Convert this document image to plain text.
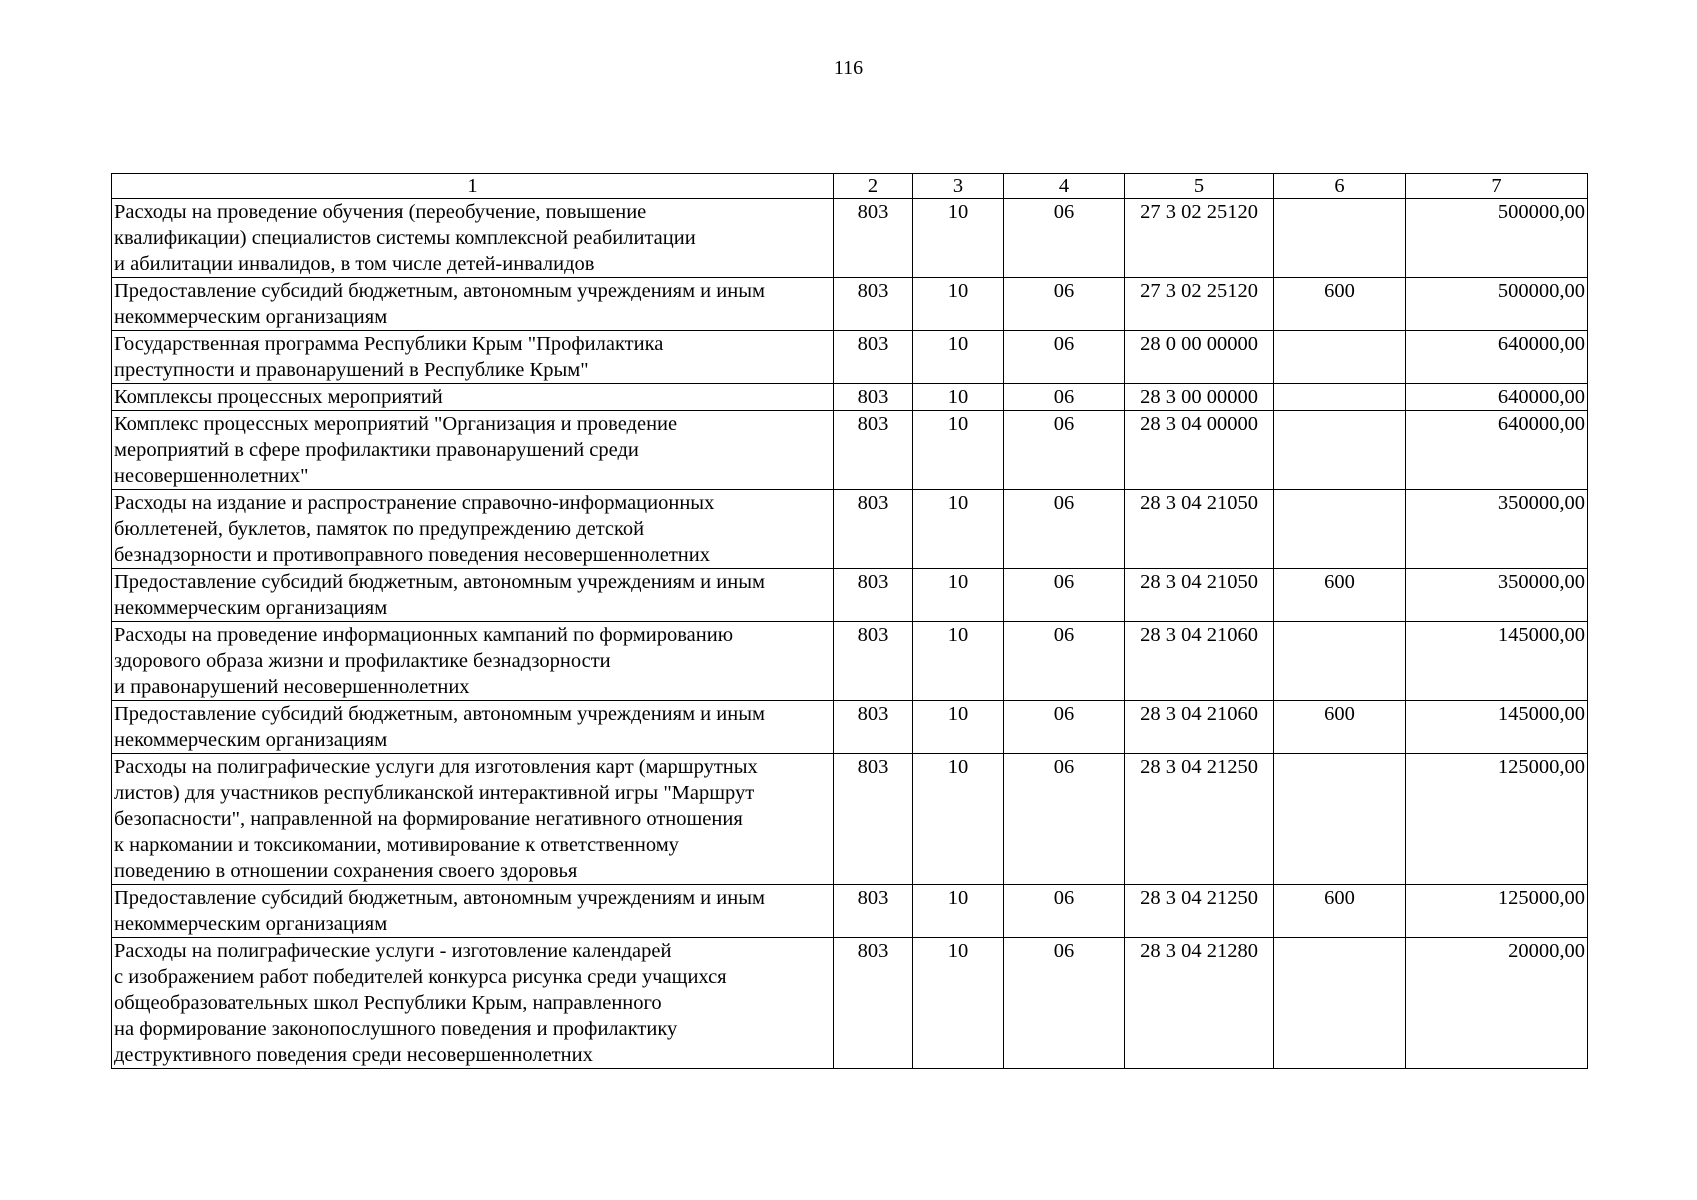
116
1	2	3	4	5	6	7
Расходы на проведение обучения (переобучение, повышение
квалификации) специалистов системы комплексной реабилитации
и абилитации инвалидов, в том числе детей-инвалидов	803	10	06	27 3 02 25120		500000,00
Предоставление субсидий бюджетным, автономным учреждениям и иным
некоммерческим организациям	803	10	06	27 3 02 25120	600	500000,00
Государственная программа Республики Крым "Профилактика
преступности и правонарушений в Республике Крым"	803	10	06	28 0 00 00000		640000,00
Комплексы процессных мероприятий	803	10	06	28 3 00 00000		640000,00
Комплекс процессных мероприятий "Организация и проведение
мероприятий в сфере профилактики правонарушений среди
несовершеннолетних"	803	10	06	28 3 04 00000		640000,00
Расходы на издание и распространение справочно-информационных
бюллетеней, буклетов, памяток по предупреждению детской
безнадзорности и противоправного поведения несовершеннолетних	803	10	06	28 3 04 21050		350000,00
Предоставление субсидий бюджетным, автономным учреждениям и иным
некоммерческим организациям	803	10	06	28 3 04 21050	600	350000,00
Расходы на проведение информационных кампаний по формированию
здорового образа жизни и профилактике безнадзорности
и правонарушений несовершеннолетних	803	10	06	28 3 04 21060		145000,00
Предоставление субсидий бюджетным, автономным учреждениям и иным
некоммерческим организациям	803	10	06	28 3 04 21060	600	145000,00
Расходы на полиграфические услуги для изготовления карт (маршрутных
листов) для участников республиканской интерактивной игры "Маршрут
безопасности", направленной на формирование негативного отношения
к наркомании и токсикомании, мотивирование к ответственному
поведению в отношении сохранения своего здоровья	803	10	06	28 3 04 21250		125000,00
Предоставление субсидий бюджетным, автономным учреждениям и иным
некоммерческим организациям	803	10	06	28 3 04 21250	600	125000,00
Расходы на полиграфические услуги - изготовление календарей
с изображением работ победителей конкурса рисунка среди учащихся
общеобразовательных школ Республики Крым, направленного
на формирование законопослушного поведения и профилактику
деструктивного поведения среди несовершеннолетних	803	10	06	28 3 04 21280		20000,00
